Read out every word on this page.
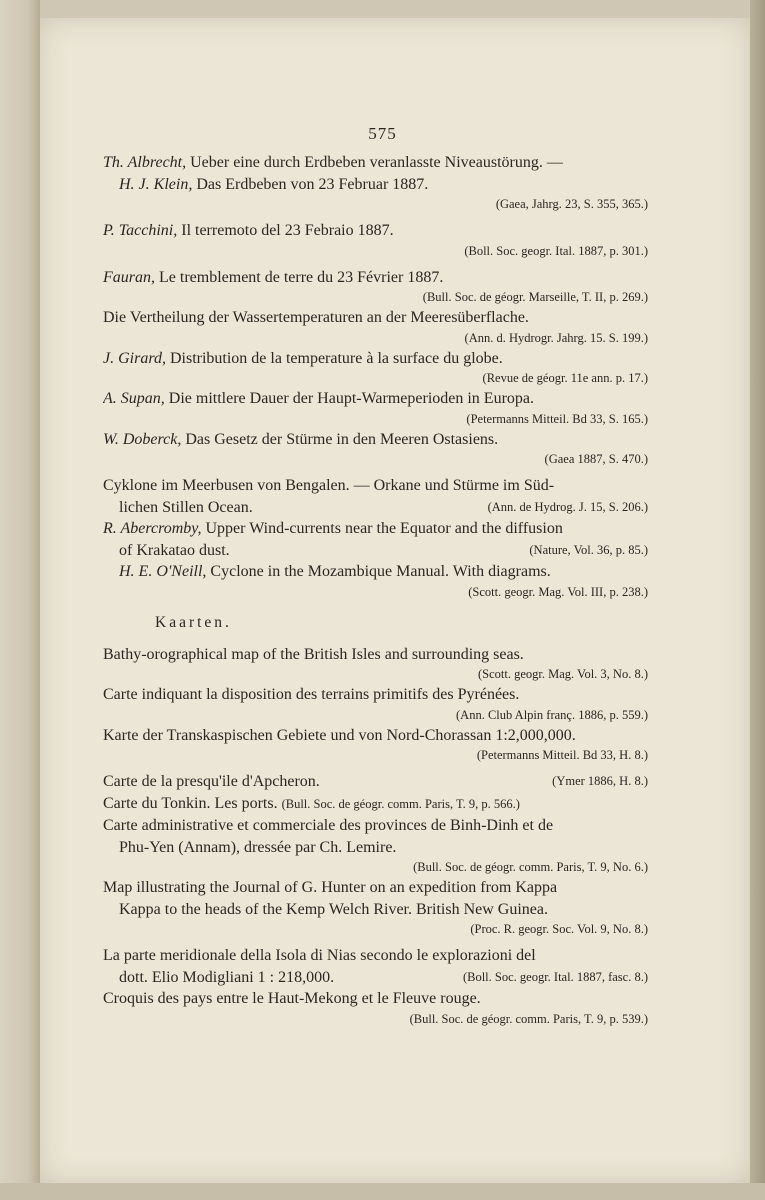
575
Th. Albrecht, Ueber eine durch Erdbeben veranlasste Niveaustörung. —
H. J. Klein, Das Erdbeben von 23 Februar 1887.
(Gaea, Jahrg. 23, S. 355, 365.)
P. Tacchini, Il terremoto del 23 Febraio 1887.
(Boll. Soc. geogr. Ital. 1887, p. 301.)
Fauran, Le tremblement de terre du 23 Février 1887.
(Bull. Soc. de géogr. Marseille, T. II, p. 269.)
Die Vertheilung der Wassertemperaturen an der Meeresüberflache.
(Ann. d. Hydrogr. Jahrg. 15. S. 199.)
J. Girard, Distribution de la temperature à la surface du globe.
(Revue de géogr. 11e ann. p. 17.)
A. Supan, Die mittlere Dauer der Haupt-Warmeperioden in Europa.
(Petermanns Mitteil. Bd 33, S. 165.)
W. Doberck, Das Gesetz der Stürme in den Meeren Ostasiens.
(Gaea 1887, S. 470.)
Cyklone im Meerbusen von Bengalen. — Orkane und Stürme im Süd-
(Ann. de Hydrog. J. 15, S. 206.)
lichen Stillen Ocean.
R. Abercromby, Upper Wind-currents near the Equator and the diffusion
(Nature, Vol. 36, p. 85.)
of Krakatao dust.
H. E. O'Neill, Cyclone in the Mozambique Manual. With diagrams.
(Scott. geogr. Mag. Vol. III, p. 238.)
Kaarten.
Bathy-orographical map of the British Isles and surrounding seas.
(Scott. geogr. Mag. Vol. 3, No. 8.)
Carte indiquant la disposition des terrains primitifs des Pyrénées.
(Ann. Club Alpin franç. 1886, p. 559.)
Karte der Transkaspischen Gebiete und von Nord-Chorassan 1:2,000,000.
(Petermanns Mitteil. Bd 33, H. 8.)
(Ymer 1886, H. 8.)
Carte de la presqu'ile d'Apcheron.
Carte du Tonkin. Les ports. (Bull. Soc. de géogr. comm. Paris, T. 9, p. 566.)
Carte administrative et commerciale des provinces de Binh-Dinh et de
Phu-Yen (Annam), dressée par Ch. Lemire.
(Bull. Soc. de géogr. comm. Paris, T. 9, No. 6.)
Map illustrating the Journal of G. Hunter on an expedition from Kappa
Kappa to the heads of the Kemp Welch River. British New Guinea.
(Proc. R. geogr. Soc. Vol. 9, No. 8.)
La parte meridionale della Isola di Nias secondo le explorazioni del
(Boll. Soc. geogr. Ital. 1887, fasc. 8.)
dott. Elio Modigliani 1 : 218,000.
Croquis des pays entre le Haut-Mekong et le Fleuve rouge.
(Bull. Soc. de géogr. comm. Paris, T. 9, p. 539.)
